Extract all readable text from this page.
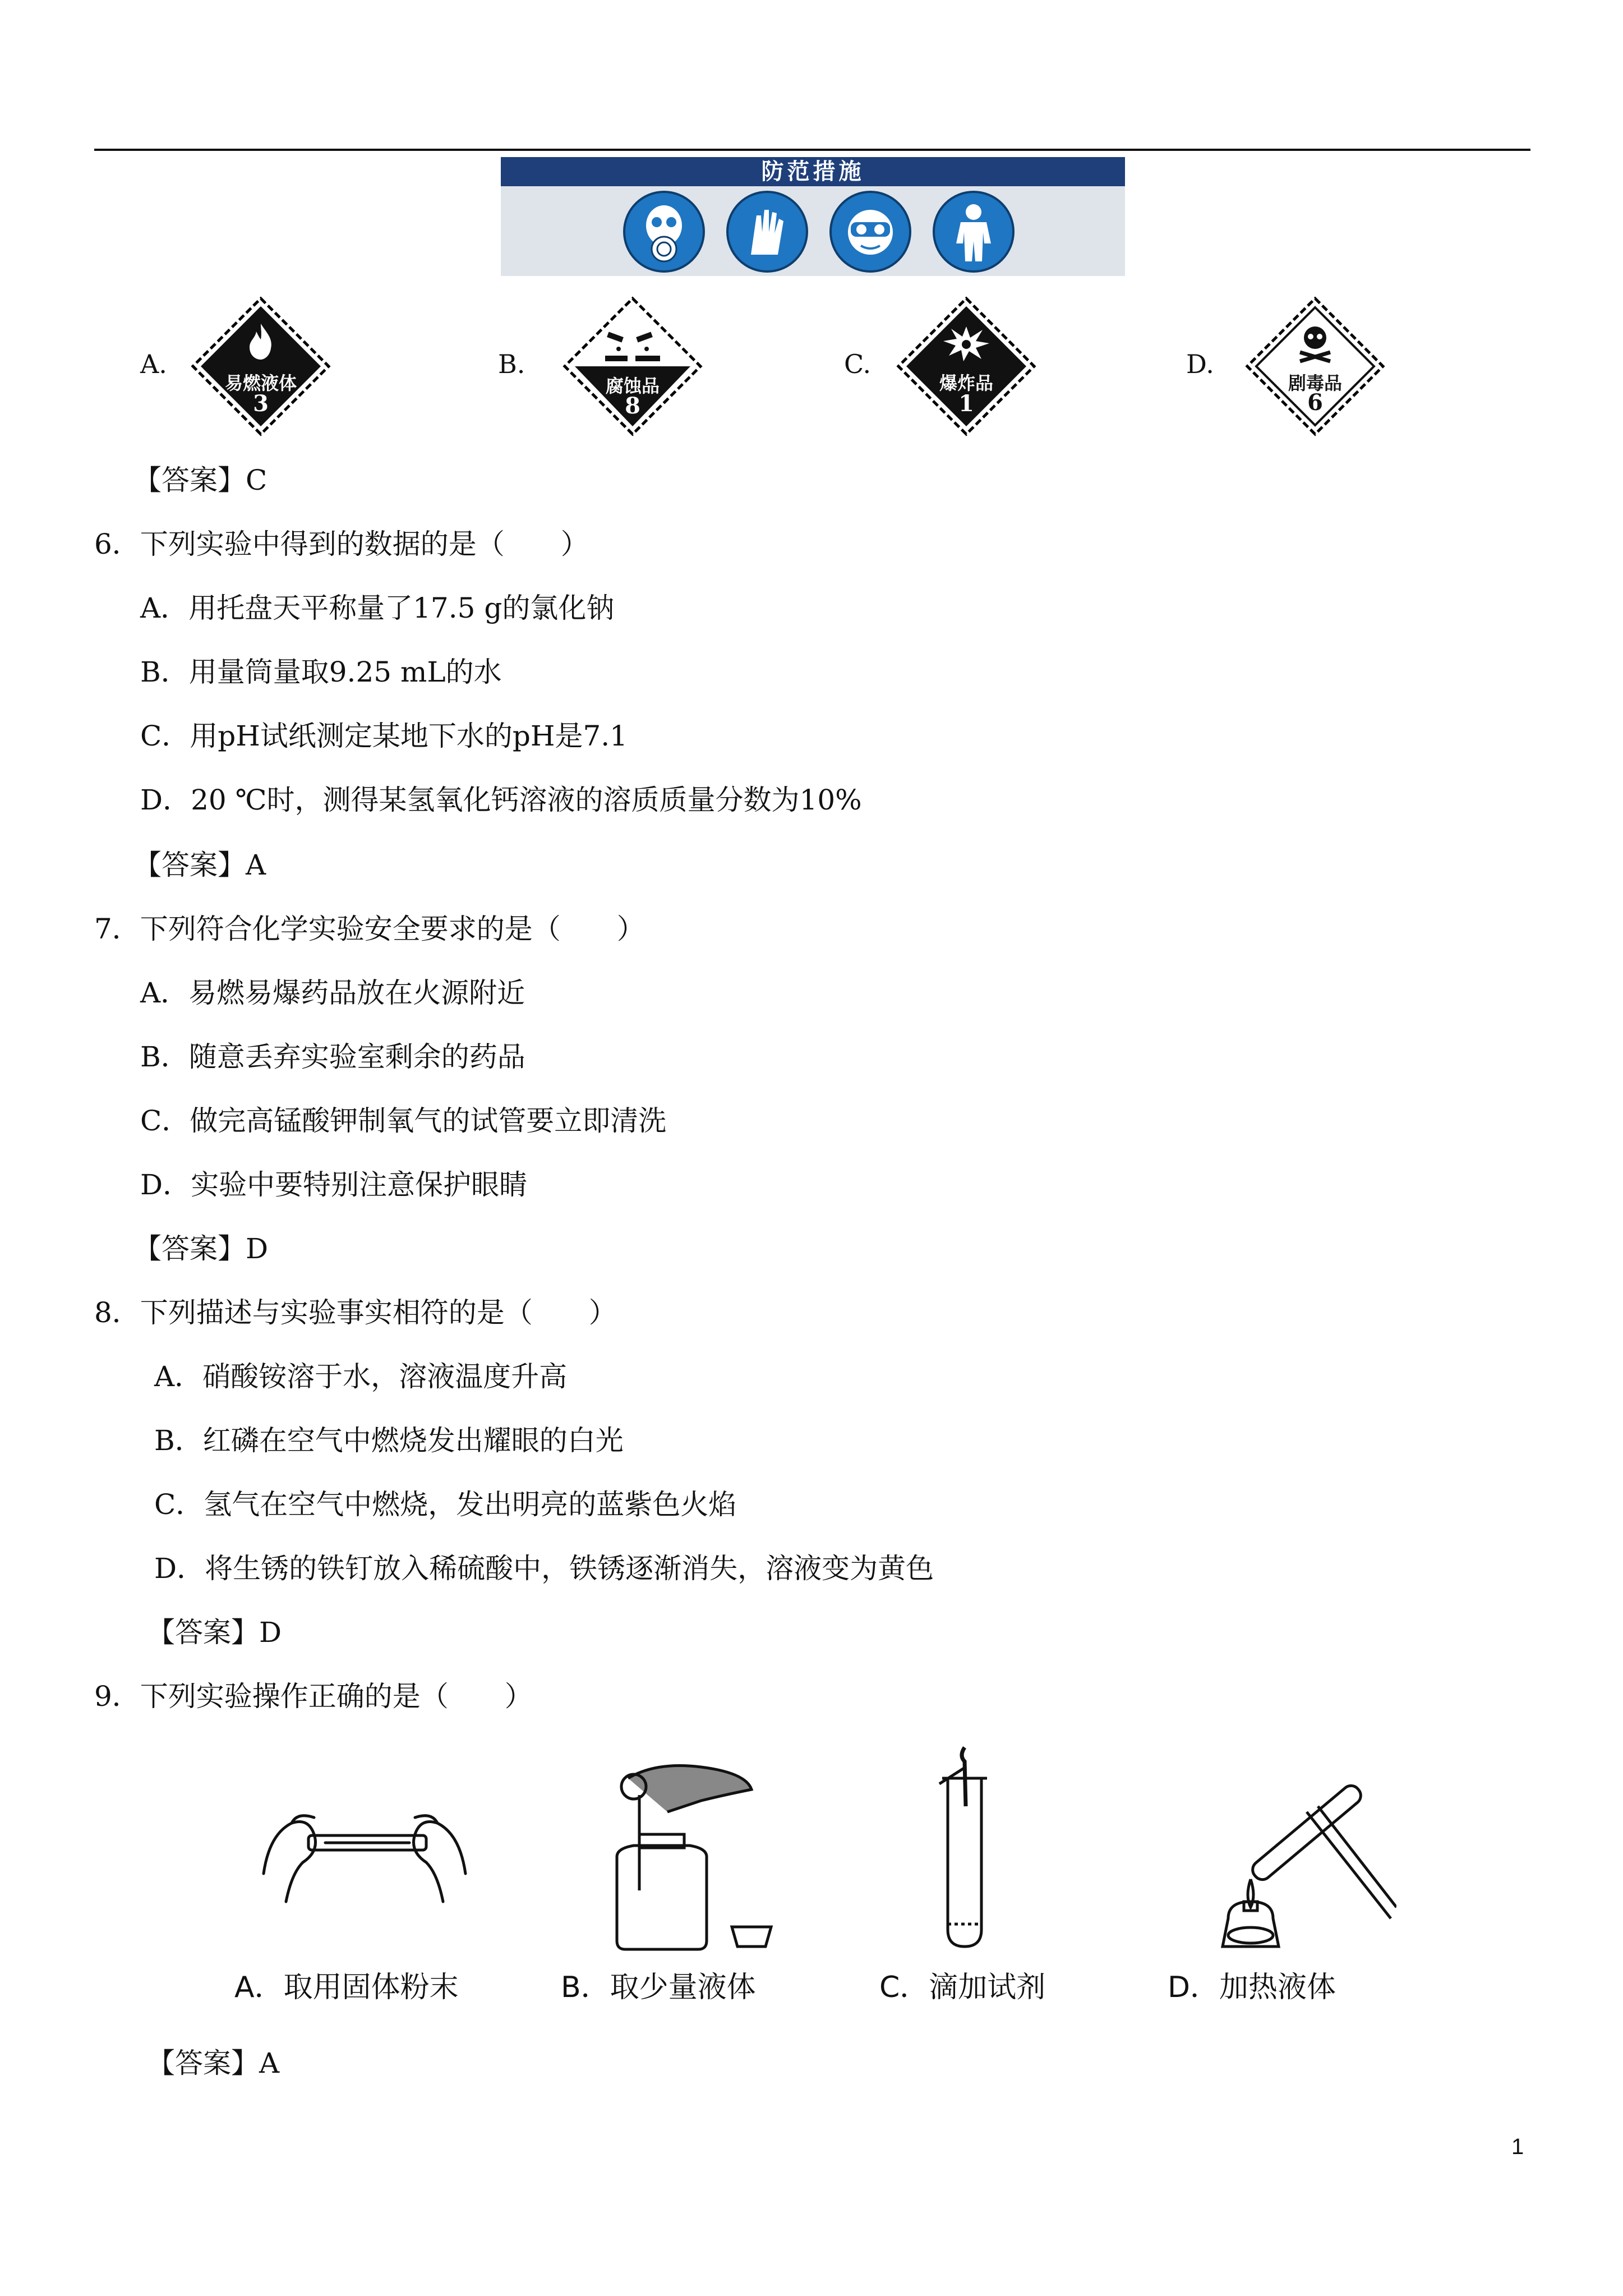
防范措施
A.
易燃液体
3
B.
腐蚀品
8
C.
爆炸品
1
D.
剧毒品
6
【答案】C
6．下列实验中得到的数据的是（　　）
A．用托盘天平称量了17.5 g的氯化钠
B．用量筒量取9.25 mL的水
C．用pH试纸测定某地下水的pH是7.1
D．20 ℃时，测得某氢氧化钙溶液的溶质质量分数为10%
【答案】A
7．下列符合化学实验安全要求的是（　　）
A．易燃易爆药品放在火源附近
B．随意丢弃实验室剩余的药品
C．做完高锰酸钾制氧气的试管要立即清洗
D．实验中要特别注意保护眼睛
【答案】D
8．下列描述与实验事实相符的是（　　）
A．硝酸铵溶于水，溶液温度升高
B．红磷在空气中燃烧发出耀眼的白光
C．氢气在空气中燃烧，发出明亮的蓝紫色火焰
D．将生锈的铁钉放入稀硫酸中，铁锈逐渐消失，溶液变为黄色
【答案】D
9．下列实验操作正确的是（　　）
A．取用固体粉末	B．取少量液体	C．滴加试剂	D．加热液体
【答案】A
1
